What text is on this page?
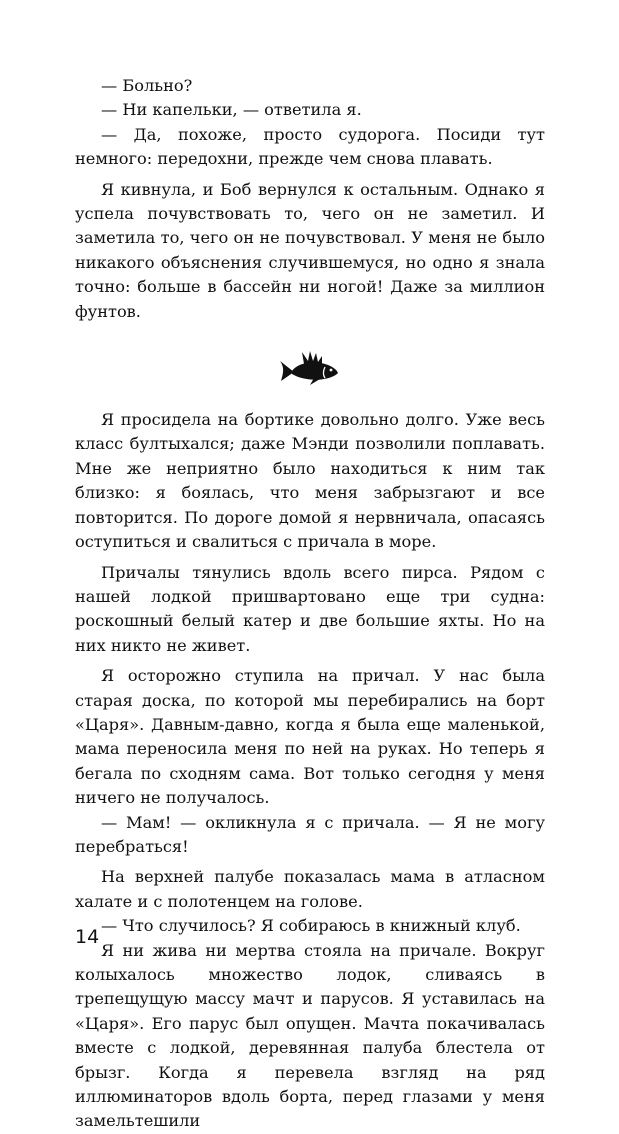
— Больно?

— Ни капельки, — ответила я.

— Да, похоже, просто судорога. Посиди тут немного: передохни, прежде чем снова плавать.

Я кивнула, и Боб вернулся к остальным. Однако я успела почувствовать то, чего он не заметил. И заметила то, чего он не почувствовал. У меня не было никакого объяснения случившемуся, но одно я знала точно: больше в бассейн ни ногой! Даже за миллион фунтов.

Я просидела на бортике довольно долго. Уже весь класс бултыхался; даже Мэнди позволили поплавать. Мне же неприятно было находиться к ним так близко: я боялась, что меня забрызгают и все повторится. По дороге домой я нервничала, опасаясь оступиться и свалиться с причала в море.

Причалы тянулись вдоль всего пирса. Рядом с нашей лодкой пришвартовано еще три судна: роскошный белый катер и две большие яхты. Но на них никто не живет.

Я осторожно ступила на причал. У нас была старая доска, по которой мы перебирались на борт «Царя». Давным-давно, когда я была еще маленькой, мама переносила меня по ней на руках. Но теперь я бегала по сходням сама. Вот только сегодня у меня ничего не получалось.

— Мам! — окликнула я с причала. — Я не могу перебраться!

На верхней палубе показалась мама в атласном халате и с полотенцем на голове.

— Что случилось? Я собираюсь в книжный клуб.

Я ни жива ни мертва стояла на причале. Вокруг колыхалось множество лодок, сливаясь в трепещущую массу мачт и парусов. Я уставилась на «Царя». Его парус был опущен. Мачта покачивалась вместе с лодкой, деревянная палуба блестела от брызг. Когда я перевела взгляд на ряд иллюминаторов вдоль борта, перед глазами у меня замельтешили

14
